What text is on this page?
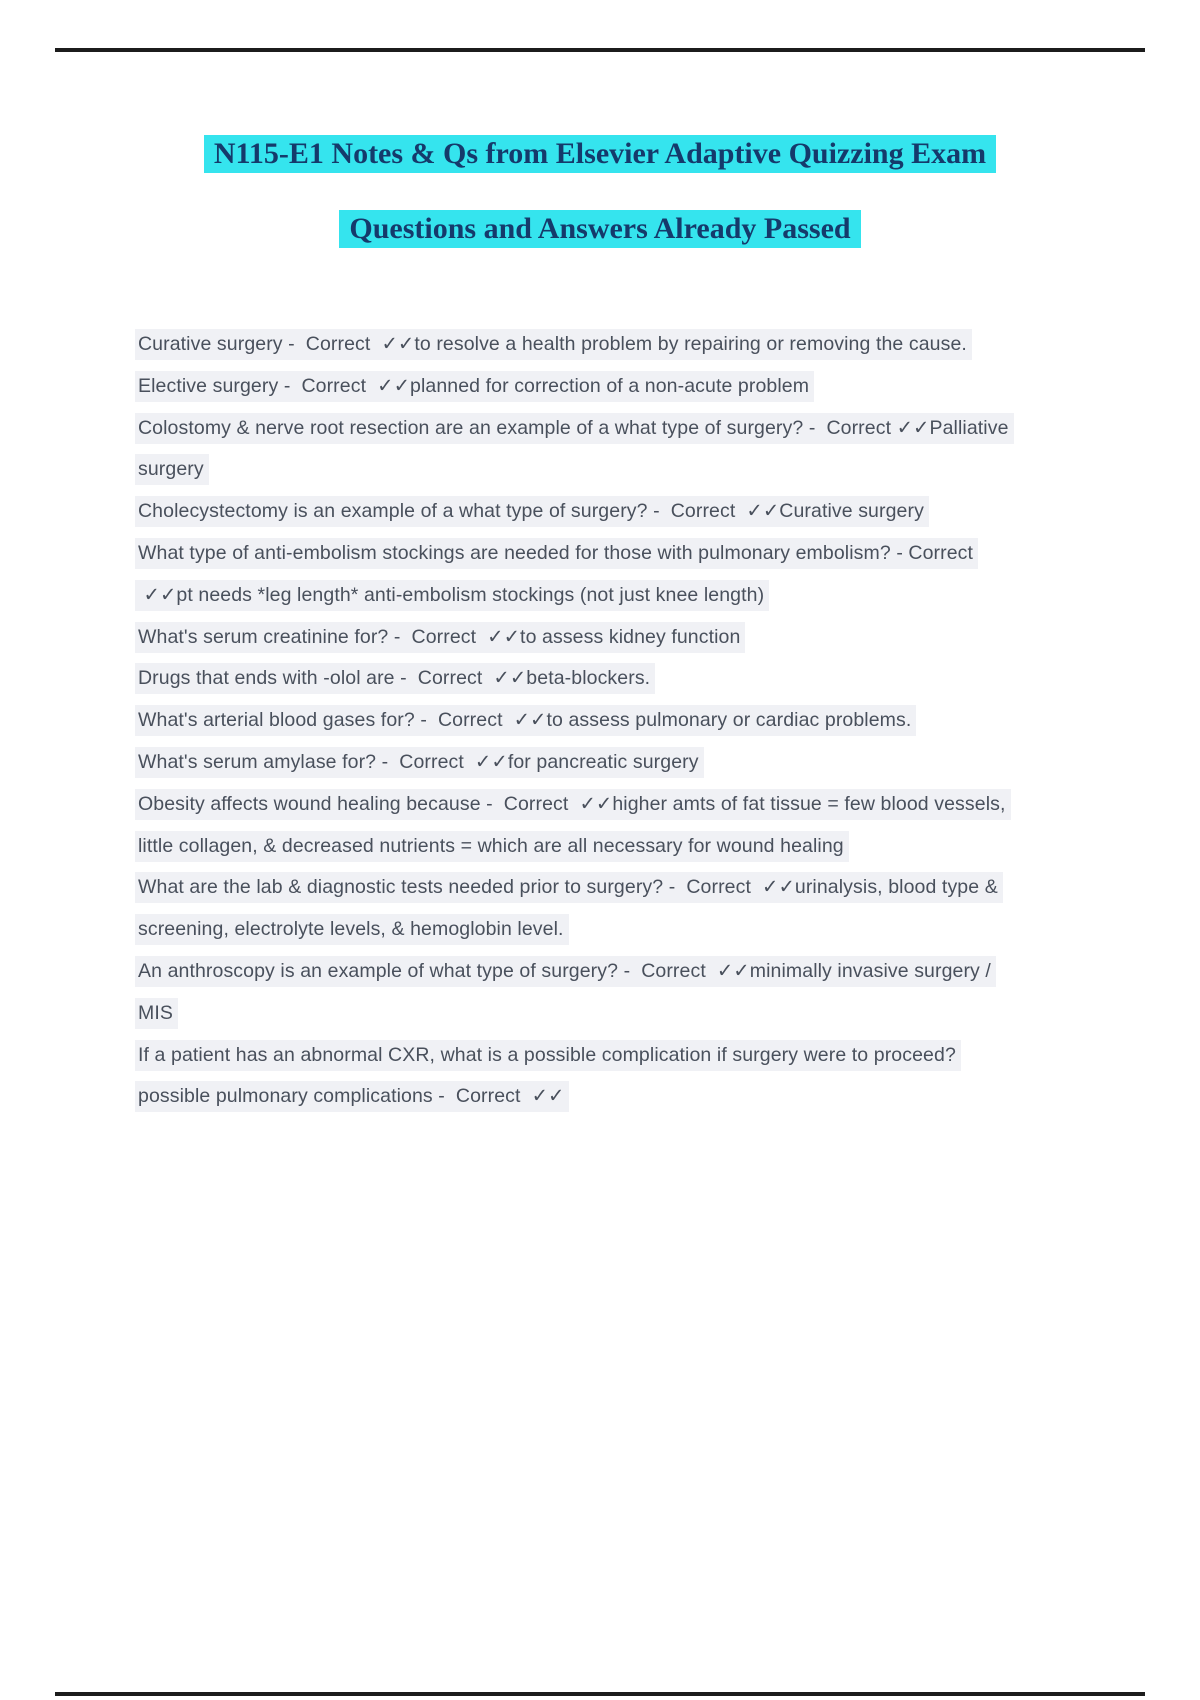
N115-E1 Notes & Qs from Elsevier Adaptive Quizzing Exam
Questions and Answers Already Passed

Curative surgery -  Correct  ✓✓to resolve a health problem by repairing or removing the cause.

Elective surgery -  Correct  ✓✓planned for correction of a non-acute problem

Colostomy & nerve root resection are an example of a what type of surgery? -  Correct ✓✓Palliative surgery

Cholecystectomy is an example of a what type of surgery? -  Correct  ✓✓Curative surgery

What type of anti-embolism stockings are needed for those with pulmonary embolism? - Correct  ✓✓pt needs *leg length* anti-embolism stockings (not just knee length)

What's serum creatinine for? -  Correct  ✓✓to assess kidney function

Drugs that ends with -olol are -  Correct  ✓✓beta-blockers.

What's arterial blood gases for? -  Correct  ✓✓to assess pulmonary or cardiac problems.

What's serum amylase for? -  Correct  ✓✓for pancreatic surgery

Obesity affects wound healing because -  Correct  ✓✓higher amts of fat tissue = few blood vessels, little collagen, & decreased nutrients = which are all necessary for wound healing

What are the lab & diagnostic tests needed prior to surgery? -  Correct  ✓✓urinalysis, blood type & screening, electrolyte levels, & hemoglobin level.

An anthroscopy is an example of what type of surgery? -  Correct  ✓✓minimally invasive surgery / MIS

If a patient has an abnormal CXR, what is a possible complication if surgery were to proceed?possible pulmonary complications -  Correct  ✓✓
